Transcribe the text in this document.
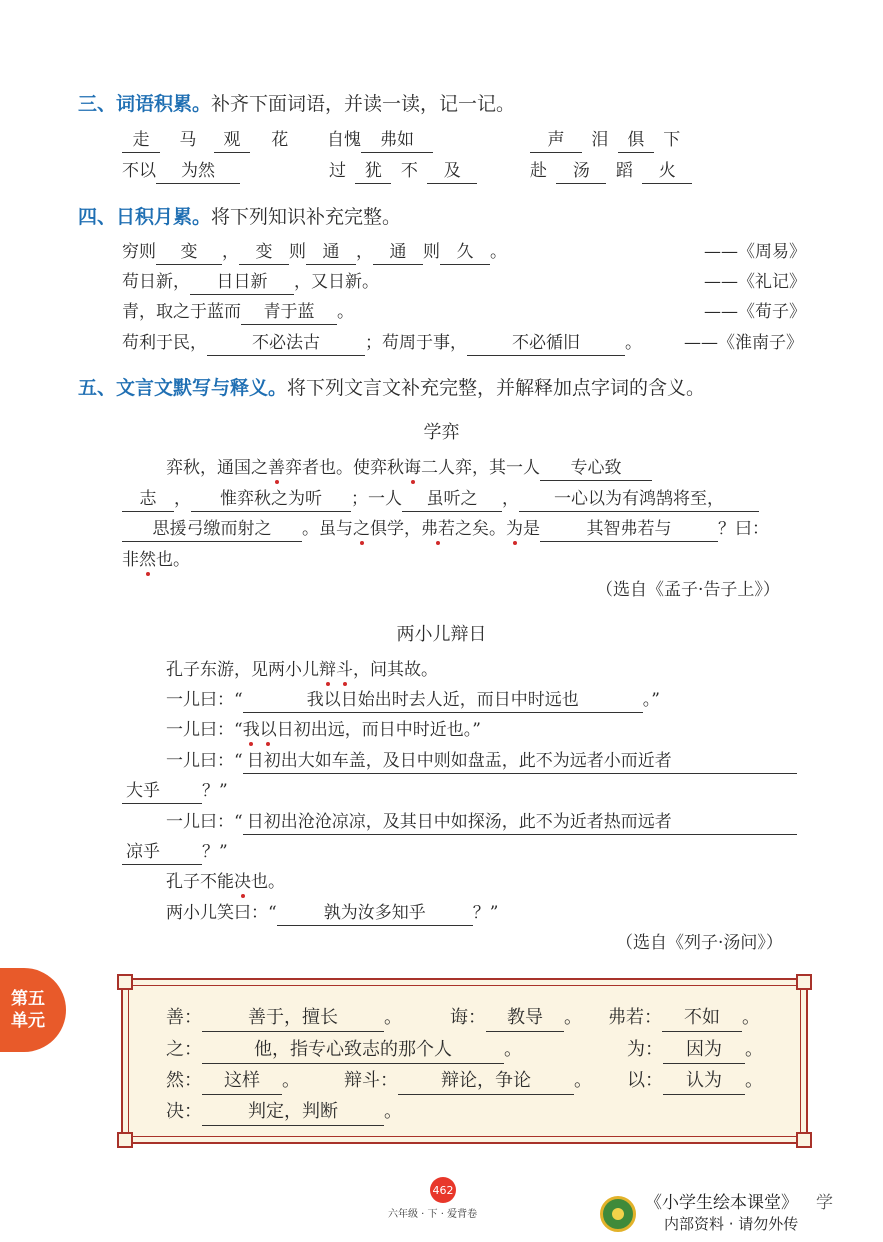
三、词语积累。补齐下面词语，并读一读，记一记。
走 马 观 花 自愧 弗如	声 泪 俱 下
不以 为然	过 犹 不 及	赴 汤 蹈 火
四、日积月累。将下列知识补充完整。
穷则 变 ， 变 则 通 ， 通 则 久 。	——《周易》
苟日新， 日日新 ，又日新。	——《礼记》
青，取之于蓝而 青于蓝 。	——《荀子》
苟利于民，	不必法古	；苟周于事，	不必循旧	。 ——《淮南子》
五、文言文默写与释义。将下列文言文补充完整，并解释加点字词的含义。
学弈
弈秋，通国之善弈者也。使弈秋诲二人弈，其一人 专心致
志 ， 惟弈秋之为听 ；一人 虽听之 ， 一心以为有鸿鹄将至，
思援弓缴而射之 。虽与之俱学，弗若之矣。为是	其智弗若与	？曰：
非然也。
（选自《孟子·告子上》）
两小儿辩日
孔子东游，见两小儿辩斗，问其故。
一儿曰：“	我以日始出时去人近，而日中时远也	。”
一儿曰：“我以日初出远，而日中时近也。”
一儿曰：“ 日初出大如车盖，及日中则如盘盂，此不为远者小而近者
大乎 ？”
一儿曰：“ 日初出沧沧凉凉，及其日中如探汤，此不为近者热而远者
凉乎 ？”
孔子不能决也。
两小儿笑曰：“	孰为汝多知乎	？”
（选自《列子·汤问》）
第五
单元	善：	善于，擅长	。	诲： 教导 。 弗若： 不如 。
之：	他，指专心致志的那个人	。	为： 因为 。
然： 这样 。 辩斗： 辩论，争论 。 以： 认为 。
决：	判定，判断	。
462
六年级 · 下 · 爱背卷
《小学生绘本课堂》 学
内部资料 · 请勿外传
